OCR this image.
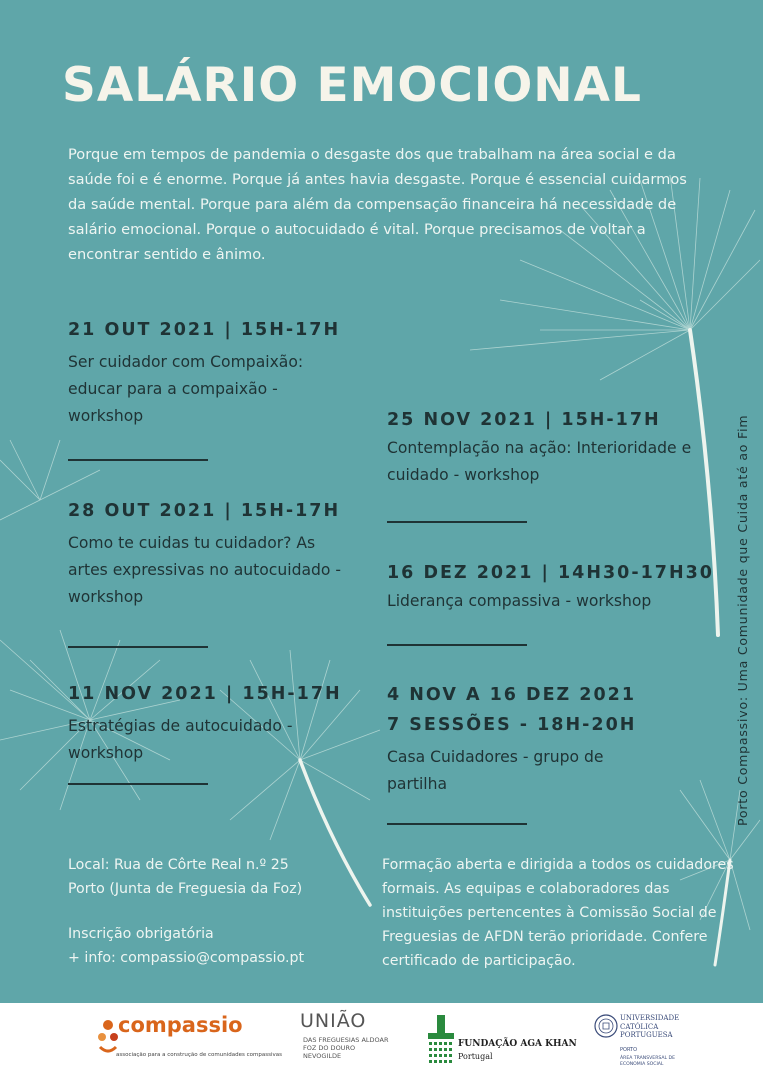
SALÁRIO EMOCIONAL

Porque em tempos de pandemia o desgaste dos que trabalham na área social e da saúde foi e é enorme. Porque já antes havia desgaste. Porque é essencial cuidarmos da saúde mental. Porque para além da compensação financeira há necessidade de salário emocional. Porque o autocuidado é vital. Porque precisamos de voltar a encontrar sentido e ânimo.

21 OUT 2021 | 15H-17H

Ser cuidador com Compaixão: educar para a compaixão - workshop

28 OUT 2021 | 15H-17H

Como te cuidas tu cuidador? As artes expressivas no autocuidado - workshop

11 NOV 2021 | 15H-17H

Estratégias de autocuidado - workshop

25 NOV 2021 | 15H-17H

Contemplação na ação: Interioridade e cuidado - workshop

16 DEZ 2021 | 14H30-17H30

Liderança compassiva - workshop

4 NOV A 16 DEZ 2021

7 SESSÕES - 18H-20H

Casa Cuidadores - grupo de partilha

Local: Rua de Côrte Real n.º 25

Porto (Junta de Freguesia da Foz)

Inscrição obrigatória

+ info: compassio@compassio.pt

Formação aberta e dirigida a todos os cuidadores formais. As equipas e colaboradores das instituições pertencentes à Comissão Social de Freguesias de AFDN terão prioridade. Confere certificado de participação.

Porto Compassivo: Uma Comunidade que Cuida até ao Fim

compassio

associação para a construção de comunidades compassivas

UNIÃO

DAS FREGUESIAS ALDOAR FOZ DO DOURO NEVOGILDE

FUNDAÇÃO AGA KHAN

Portugal

UNIVERSIDADE CATÓLICA PORTUGUESA

PORTO

ÁREA TRANSVERSAL DE ECONOMIA SOCIAL
